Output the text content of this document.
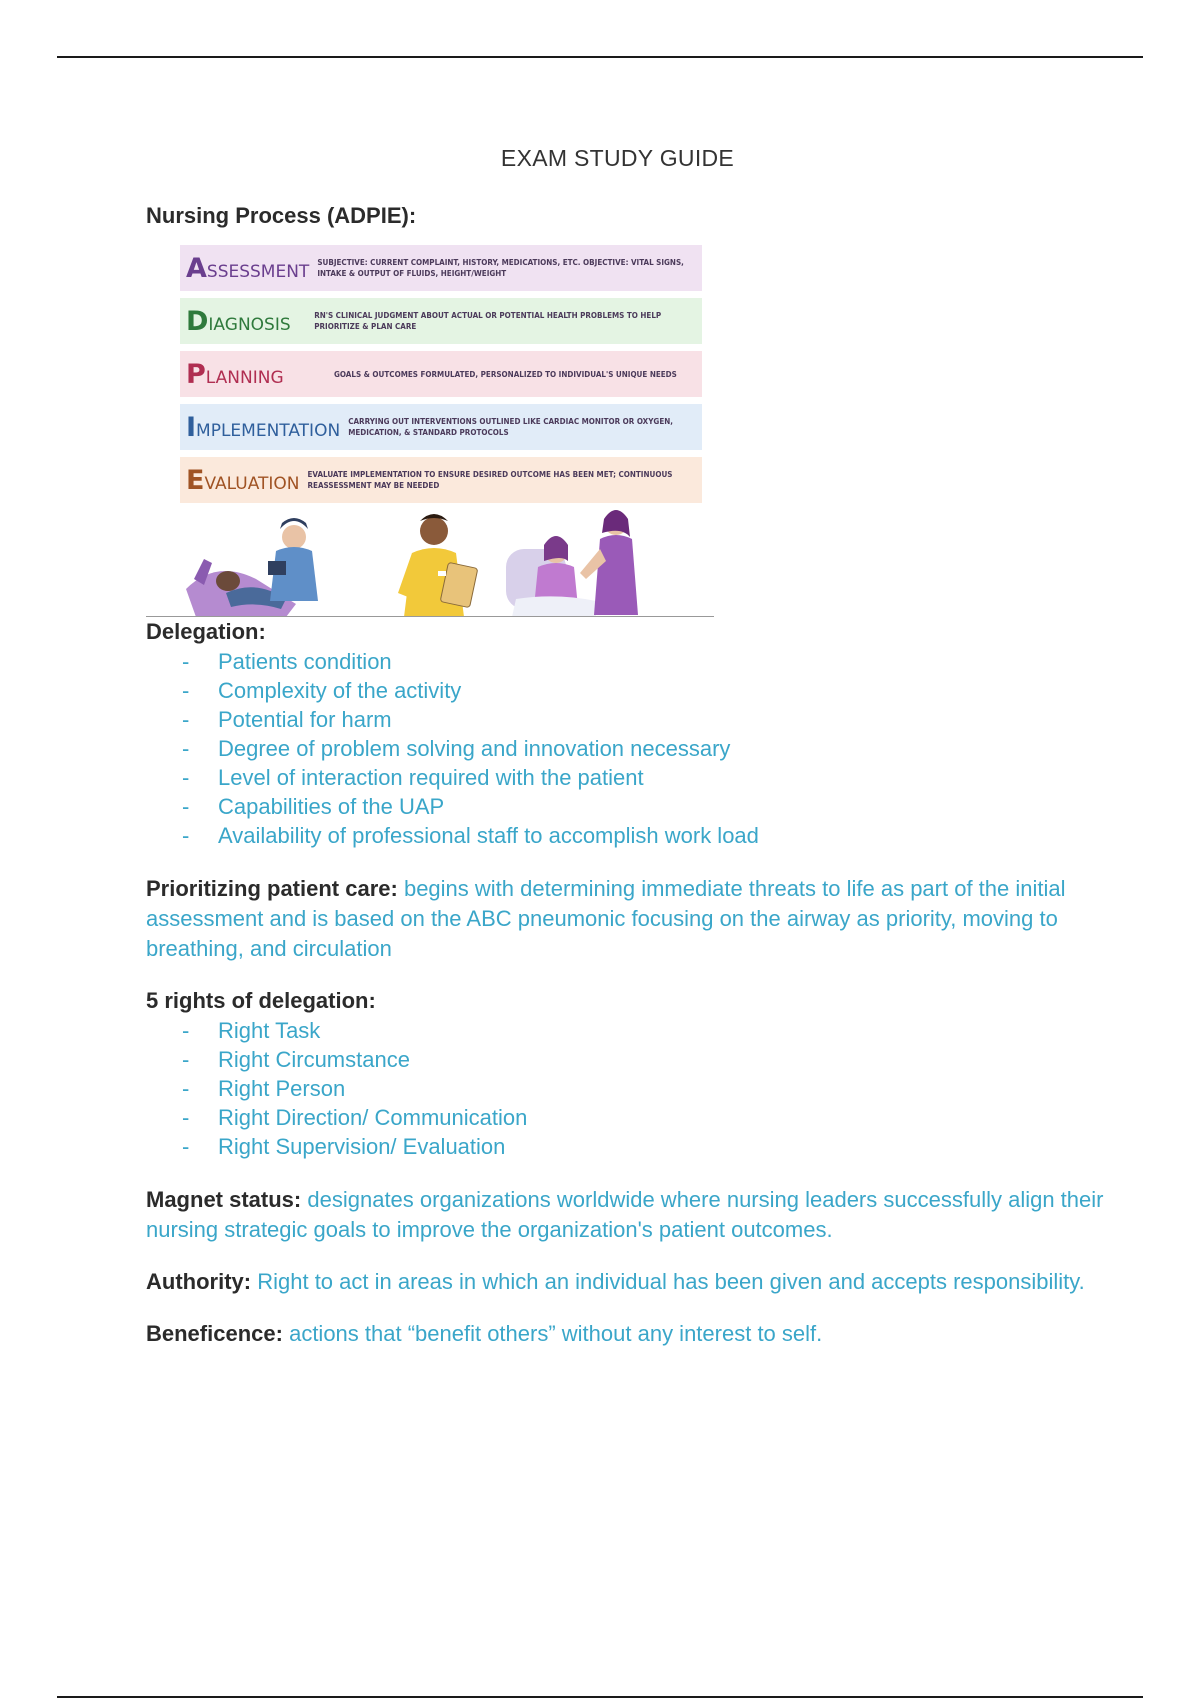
EXAM STUDY GUIDE
Nursing Process (ADPIE):
ASSESSMENT	SUBJECTIVE: CURRENT COMPLAINT, HISTORY, MEDICATIONS, ETC. OBJECTIVE: VITAL SIGNS, INTAKE & OUTPUT OF FLUIDS, HEIGHT/WEIGHT
DIAGNOSIS	RN'S CLINICAL JUDGMENT ABOUT ACTUAL OR POTENTIAL HEALTH PROBLEMS TO HELP PRIORITIZE & PLAN CARE
PLANNING	GOALS & OUTCOMES FORMULATED, PERSONALIZED TO INDIVIDUAL'S UNIQUE NEEDS
IMPLEMENTATION	CARRYING OUT INTERVENTIONS OUTLINED LIKE CARDIAC MONITOR OR OXYGEN, MEDICATION, & STANDARD PROTOCOLS
EVALUATION	EVALUATE IMPLEMENTATION TO ENSURE DESIRED OUTCOME HAS BEEN MET; CONTINUOUS REASSESSMENT MAY BE NEEDED
Delegation:
- Patients condition
- Complexity of the activity
- Potential for harm
- Degree of problem solving and innovation necessary
- Level of interaction required with the patient
- Capabilities of the UAP
- Availability of professional staff to accomplish work load
Prioritizing patient care: begins with determining immediate threats to life as part of the initial assessment and is based on the ABC pneumonic focusing on the airway as priority, moving to breathing, and circulation
5 rights of delegation:
- Right Task
- Right Circumstance
- Right Person
- Right Direction/ Communication
- Right Supervision/ Evaluation
Magnet status: designates organizations worldwide where nursing leaders successfully align their nursing strategic goals to improve the organization's patient outcomes.
Authority: Right to act in areas in which an individual has been given and accepts responsibility.
Beneficence: actions that “benefit others” without any interest to self.
